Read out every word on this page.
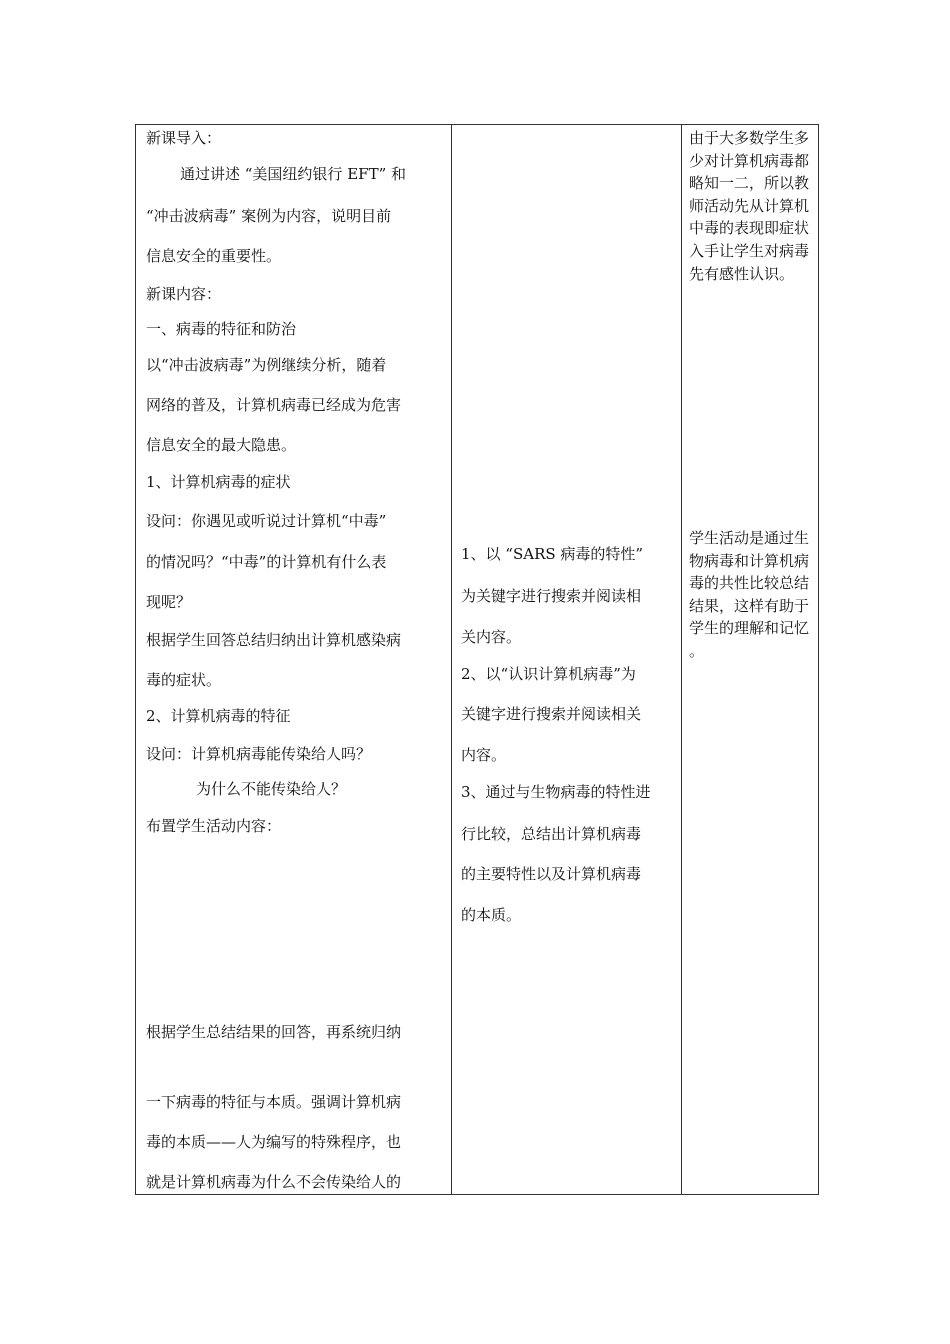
新课导入：
通过讲述 “美国纽约银行 EFT” 和
“冲击波病毒” 案例为内容，说明目前
信息安全的重要性。
新课内容：
一、病毒的特征和防治
以“冲击波病毒”为例继续分析，随着
网络的普及，计算机病毒已经成为危害
信息安全的最大隐患。
1、计算机病毒的症状
设问：你遇见或听说过计算机“中毒”
的情况吗？“中毒”的计算机有什么表
现呢？
根据学生回答总结归纳出计算机感染病
毒的症状。
2、计算机病毒的特征
设问：计算机病毒能传染给人吗？
为什么不能传染给人？
布置学生活动内容：
根据学生总结结果的回答，再系统归纳
一下病毒的特征与本质。强调计算机病
毒的本质——人为编写的特殊程序，也
就是计算机病毒为什么不会传染给人的
1、以 “SARS 病毒的特性”
为关键字进行搜索并阅读相
关内容。
2、以“认识计算机病毒”为
关键字进行搜索并阅读相关
内容。
3、通过与生物病毒的特性进
行比较，总结出计算机病毒
的主要特性以及计算机病毒
的本质。
由于大多数学生多少对计算机病毒都略知一二，所以教师活动先从计算机中毒的表现即症状入手让学生对病毒先有感性认识。
学生活动是通过生物病毒和计算机病毒的共性比较总结结果，这样有助于学生的理解和记忆 。
